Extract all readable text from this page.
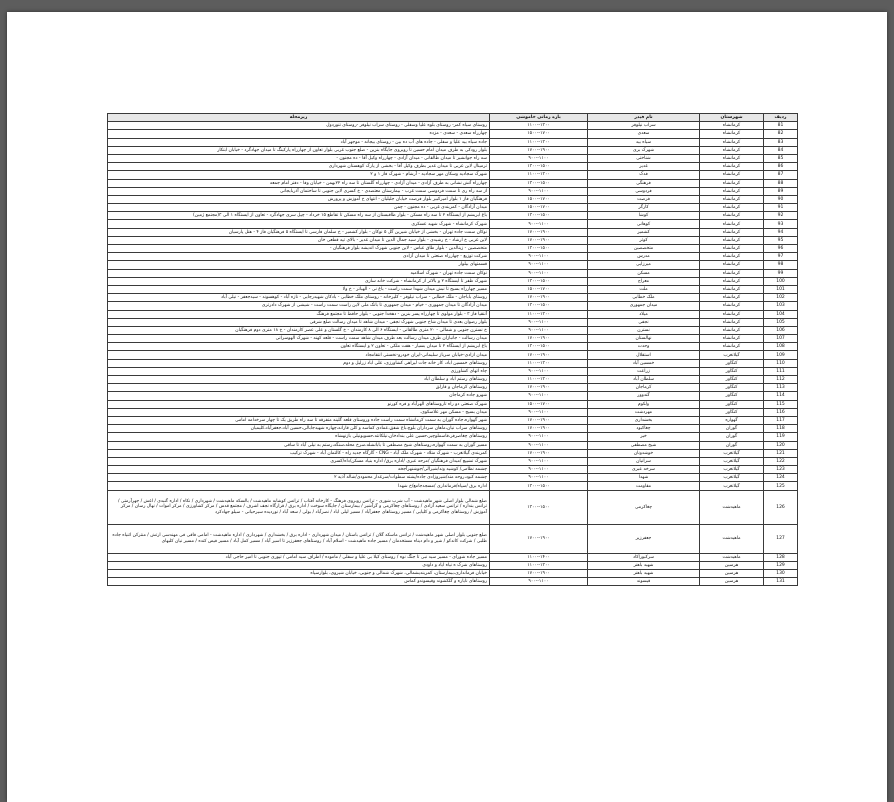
ردیف	شهرستان	نام فیدر	بازه زمانی خاموشی	زیرمحله
81	کرمانشاه	سراب نیلوفر	۱۳۰۰--۱۱۰۰	روستای سیاه کمر- روستای بلوه علیا وسفلی - روستای سراب نیلوفر -روستای تنوردول
82	کرمانشاه	سعدی	۱۷۰۰--۱۵۰۰	چهارراه سعدی - سعدی - مژده
83	کرمانشاه	سیاه بید	۱۳۰۰--۱۱۰۰	جاده سیاه بید علیا و سفلی - جاده های آب ده بین - روستای بیجانه - موجهر آباد
84	کرمانشاه	شهرک بری	۱۹۰۰--۱۷۰۰	بلوار رودکی به طرف میدان امام حسین تا روبروی جایگاه بنزین - ضلع جنوب غربی بلوار تعاون از چهارراه پارکینگ تا میدان جهادگرد - خیابان ابتکار
85	کرمانشاه	شناختی	۱۱۰۰--۹۰۰	سه راه جوانشیر تا میدان طالقانی - میدان آزادی - چهارراه وکیل آقا - ده مجنون -
86	کرمانشاه	غدیر	۱۵۰۰--۱۳۰۰	ترمینال لاین غربی تا میدان غدیر بطرف وکیل آقا - بخشی از پارک کوهستان شهرداری
87	کرمانشاه	فدک	۱۳۰۰--۱۱۰۰	شهرک سجادیه وسکان مهر سجادیه - آرشام - شهرک فاز ۱ و ۲
88	کرمانشاه	فرهنگی	۱۵۰۰--۱۳۰۰	چهارراه آتش نشانی به طرف آزادی - میدان آزادی - چهارراه گلستان تا سه راه ۲۲بهمن - خیابان وفا - دفتر امام جمعه
89	کرمانشاه	فردوسی	۱۱۰۰--۹۰۰	از سه راه ری تا سمت فردوسی سمت غرب - بیمارستان معتضدی - خ کسری لاین جنوبی تا ساختمان آذربایجانی
90	کرمانشاه	فرصت	۱۷۰۰--۱۵۰۰	فرهنگیان فاز ۱ بلوار امیرکبیر بلوار فرصت خیابان جلیلیان - انتهای خ آموزش و پرورش
91	کرمانشاه	کارگر	۱۷۰۰--۱۵۰۰	میدان آزادگان - کمربندی غربی - ده مجنون - چمن
92	کرمانشاه	کوشا	۱۵۰۰--۱۳۰۰	باغ ابریشم از ایستگاه ۲ تا سه راه مسکن - بلوار طاقبستان از سه راه مسکن تا تقاطع ۱۵ خرداد - چپل سری جهادگرد - تعاون از ایستگاه ۱ الی ۳(مجتمع ژمین)
93	کرمانشاه	کوهانی	۱۱۰۰--۹۰۰	شهرک کرمانشاه - شهرک شهید عسکری
94	کرمانشاه	کشمیر	۱۹۰۰--۱۷۰۰	نوکان سمت جاده تهران - بخشی از خیابان شیرین گل ۵ نوکان - بلوار کشمیر - خ سلمان فارسی تا ایستگاه ۵ فرهنگیان فاز ۴ - هتل پارسیان
95	کرمانشاه	کوثر	۱۹۰۰--۱۷۰۰	لاین غربی خ ارشاد - خ رشیدی - بلوار سید جمال الدین تا میدان غدیر - بالای تپه قطعی خان
96	کرمانشاه	متخصصین	۱۵۰۰--۱۳۰۰	متخصصین - زینالدین - بلوار طاق عباس - لاین جنوبی شهرک اندیشه بلوار فرهنگیان -
97	کرمانشاه	مدرس	۱۱۰۰--۹۰۰	شرکت توزیع - چهارراه صنعتی تا میدان آزادی
98	کرمانشاه	میرزایی	۱۱۰۰--۹۰۰	قسمتهای بیلوار
99	کرمانشاه	مسکن	۱۱۰۰--۹۰۰	نوکان سمت جاده تهران - شهرک اسلامیه
100	کرمانشاه	معراج	۱۵۰۰--۱۳۰۰	شهرک ظفر تا ایستگاه ۲ و بالاتر از کرمانشاه - شرکت خانه سازی
101	کرمانشاه	ملت	۱۷۰۰--۱۵۰۰	مسیر چهارراه بسیج تا نبش میدان شهدا سمت راست - باغ نی - الهیاتر - خ ولا
102	کرمانشاه	ملک خطابی	۱۹۰۰--۱۷۰۰	روستای باباجان - ملک خطابی - سراب نیلوفر - کلیرخانه - روستای ملک خطابی - بادکان شهیدرجایی - نازه آباد - کوهسوند - سیدجعفر - نیلی آباد
103	کرمانشاه	میدان جمهوری	۱۵۰۰--۱۳۰۰	میدان آزادگان تا میدان جمهوری - خیام - میدان جمهوری تا بانک ملی لاین راست سمت راست - شیشی از شهرک دادرتری
104	کرمانشاه	میلاد	۱۳۰۰--۱۱۰۰	آنتقیا فاز ۳ - بلوار مولوی تا چهارراه پسر بنزین - دهخدا جنوبی - بلوار حافظ تا مجتمع فرهنگ
105	کرمانشاه	نجفی	۱۱۰۰--۹۰۰	بلوار رضوان بعدی تا میدان شاخ جنوبی شهرک نجفی - میدان شاهد تا میدان رسالت ضلع شرقی
106	کرمانشاه	نسترن	۱۱۰۰--۹۰۰	خ نسترن جنوبی و شمالی - ۲۰ متری طالقانی - ایستگاه ۶ الی ۸ کارمندان - خ گلستان و علی عصر کارمندان - خ ۱۸ متری دوم فرهنگیان
107	کرمانشاه	نهالستان	۱۹۰۰--۱۷۰۰	میدان رسالت - جانبازان طرف میدان رسالت بعد طرف میدان شاهد سمت راست - قلعه کهنه - شهرک الهوسراتی
108	کرمانشاه	وحدت	۱۵۰۰--۱۳۰۰	باغ ابریشم از ایستگاه ۲ تا میدان بسیار - هفت ملکی - تعاون ۲ و ایستگاه تعاون
109	گیلانغرب	استقلال	۱۹۰۰--۱۷۰۰	میدان ازادی-خیابان سرباز سلیمانی-ایران خودرو-نخستی انتقامجاد
110	کنگاور	خمسین آباد	۱۳۰۰--۱۱۰۰	روستاهای خمسین اباد، کار خانه جات لیراهی کشاورزی، علی اباد زرلیل و دوم
111	کنگاور	زراعت	۱۱۰۰--۹۰۰	چاه اتهای کشاورزی
112	کنگاور	سلطان آباد	۱۳۰۰--۱۱۰۰	روستاهای رستم اباد و سلطان اباد
113	کنگاور	کرماجان	۱۹۰۰--۱۷۰۰	روستاهای کرماجان و قارلق
114	کنگاور	گندوور	۱۱۰۰--۹۰۰	شهرو جاده کرماجان
115	کنگاور	ولکوم	۱۷۰۰--۱۵۰۰	شهرک صنعتی دو راه تاروستاهای الهرآباد و فره کورنو
116	کنگاور	مهردشت	۱۱۰۰--۹۰۰	میدان بسیج - مسکن مهر علاسکوی.
117	گهواره	بخشداری	۱۹۰۰--۱۷۰۰	شهر گهواره،جاده گوران به سمت کرمانشاه سمت راست جاده وروستای قلعه گلینه متفرقه تا سه راه طریق یک تا چهار سرخدامه امامی
118	گوران	چغاکبود	۱۹۰۰--۱۷۰۰	روستاهای سراب نیان،ماهان سرداران بلوچ،باغ شفق،عمادی کماسه و کلن قارانه،چهاره شهیدجابالی،حسین آباد،جعفرآباد،کلیمیان
119	گوران	خیر	۱۱۰۰--۹۰۰	روستاهای چغاصرفر،قاسملوچیر،حسین علی بندادخان،نیلکانته،حسوبونیلی بازنهشاه
120	گوران	شیخ مصطفی	۱۱۰۰--۹۰۰	مسیر گوران به سمت گهواره،روستاهای شیخ مصطفی تا بابانشله،سرخ محله،سنگه،رستم به نیلی آباد تا ساقی
121	گیلانغرب	خوشدونان	۱۹۰۰--۱۷۰۰	کمربندی گیلانغرب - شهرک متلاد - شهرک ملک آباد - CNG - گارگاه جدید راه - کالتمان آباد - شهرک ترکیب
122	گیلانغرب	سرانیان	۱۱۰۰--۹۰۰	شهرک تشییع /میدان فرهنگیان /مرحه عبری /اداره برق/ اداره بنیاد مسکن/داه/کسری
123	گیلانغرب	سرخه عبری	۱۱۰۰--۹۰۰	چشمه نظامی/ کوشیه وند/شیرالی/جوشنهرآجخه
124	گیلانغرب	شهدا	۱۱۰۰--۹۰۰	چشمه کبود،روحه مند/شیروزادی جاده/پشته سطوات/سرغدار محمودی/شاله آذیه ۲
125	گیلانغرب	مقاومت	۱۵۰۰--۱۳۰۰	اداره برق /سپاه/فرمانداری /مسجدجامع/خ شهدا
126	ماهیدشت	چغاکرمی	۱۵۰۰--۱۳۰۰	ضلع شمالی بلوار اصلی شهر ماهیدشت - آب شرب شوری - ترانس روبروی فرهنگ - کارخانه آفتاب / ترانس کوشابه ماهیدشت / بالسکه ماهیدشت / شهرداری / نکاه / اداره گنبدی / اغش / جهرآرمتی / ترانس بنداره / ترانس سعید آزادی / روستاهای چغاکرمی و گرآشیر / بیمارستان / جایگاه سوخت / اداره برق / قرارگاه نجف اشرف / مجتمع قدس / مرکز کشاورزی / مرکز اموات / نهال رسان / مرکز آموزش / روستاهای چغاکرمی و کلیایی / مسیر روستاهای جعفرآباد / مسیر لیلی اباد / نصرآباد / بولی / سعد آباد / نوردیده سیرحیانی - سیلو جهادکرد
127	ماهیدشت	جعفرزیر	۱۹۰۰--۱۷۰۰	ضلع جنوبی بلوار اصلی شهر ماهیدشت / ترانس ماسکه گلان / ترانس باستان / میدان شهرداری - اداره برق / بخشداری / شهرداری / اداره ماهیدشت - امامی فاقی فی مهندسی ارتش / منترکن اثنیاه جاده طلبی / شرکت کاندکو / شیر و دام دیناه مستخدمان / مسیر جاده ماهیدشت - اسلام آباد / روستاهای جعفرزیر تا اسیر آباد / مسیر کمل آباد / مسیر فیض کنده / مسیر نیان کلبهای
128	ماهیدشت	سرکبوراکاد	۱۴۰۰--۱۱۰۰	مسیر جاده شورای - مسیر سید نبی تا جنگ نوه / روستای کیلا بی علیا و سفلی / ماموده / اطراف سید امامی / تپوری جنوبی تا امیر حاجی آباد
129	هرسین	شهید باهنر	۱۳۰۰--۱۱۰۰	روستاهای شرک ه نیاه ایاد و داودی
130	هرسین	شهید باهنر	۱۹۰۰--۱۷۰۰	خیابان فرمانداری،بیمارستان، کمربندیشمالی، شهرک شمالی و جنوبی، خیابان شیروی، بلوارسپاه
131	هرسین	قیسوند	۱۱۰۰--۹۰۰	روستاهای نایاره و گلکشوند وقیسوندو کماس
